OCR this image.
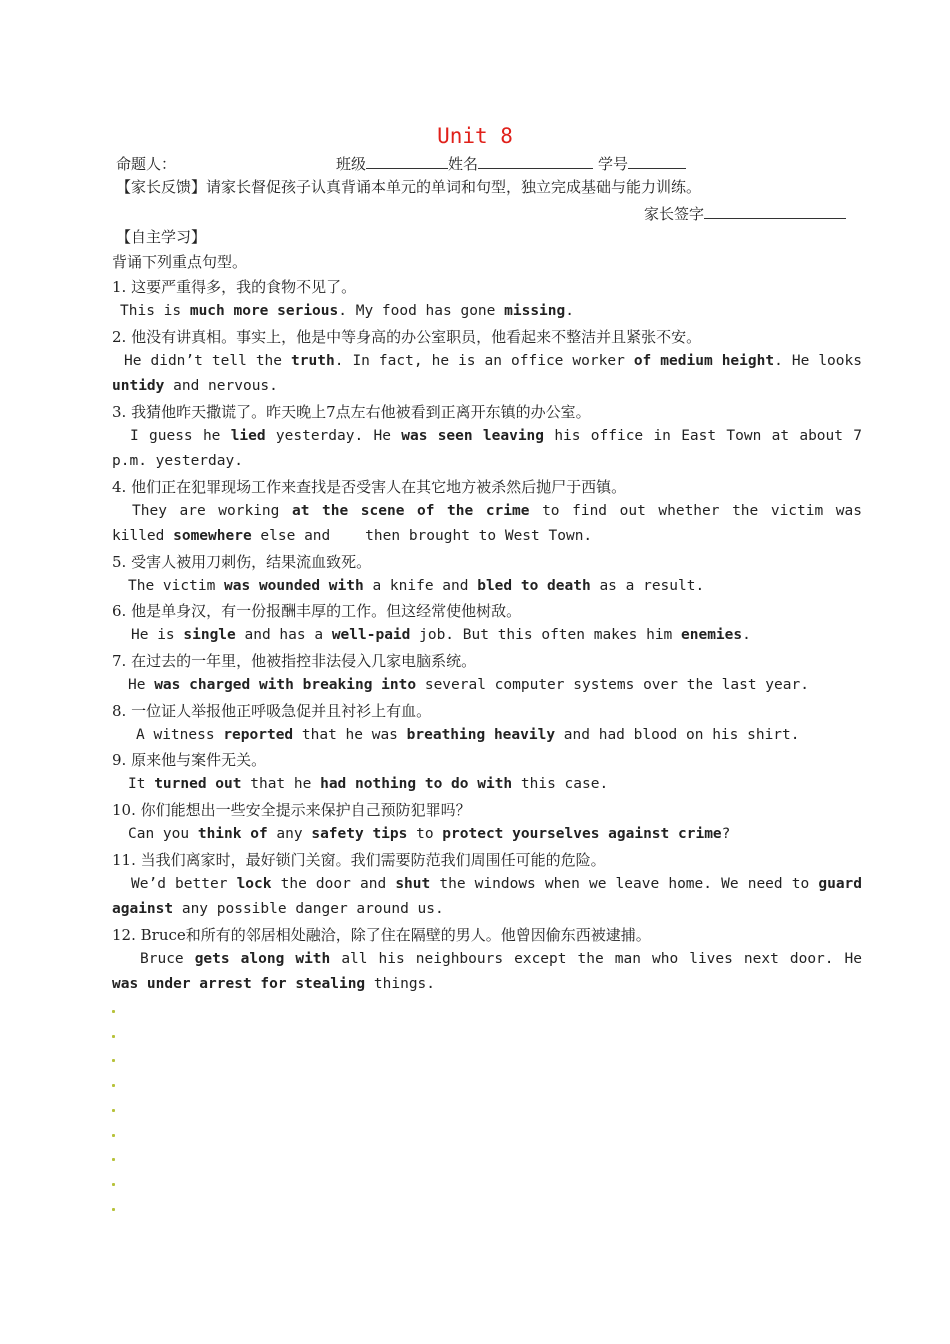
Unit 8
命题人：	班级	姓名	学号
【家长反馈】请家长督促孩子认真背诵本单元的单词和句型，独立完成基础与能力训练。
家长签字
【自主学习】
背诵下列重点句型。
1. 这要严重得多，我的食物不见了。
This is much more serious. My food has gone missing.
2. 他没有讲真相。事实上，他是中等身高的办公室职员，他看起来不整洁并且紧张不安。
He didn’t tell the truth. In fact, he is an office worker of medium height. He looks untidy and nervous.
3. 我猜他昨天撒谎了。昨天晚上7点左右他被看到正离开东镇的办公室。
I guess he lied yesterday. He was seen leaving his office in East Town at about 7 p.m. yesterday.
4. 他们正在犯罪现场工作来查找是否受害人在其它地方被杀然后抛尸于西镇。
They are working at the scene of the crime to find out whether the victim was killed somewhere else and    then brought to West Town.
5. 受害人被用刀刺伤，结果流血致死。
The victim was wounded with a knife and bled to death as a result.
6. 他是单身汉，有一份报酬丰厚的工作。但这经常使他树敌。
He is single and has a well-paid job. But this often makes him enemies.
7. 在过去的一年里，他被指控非法侵入几家电脑系统。
He was charged with breaking into several computer systems over the last year.
8. 一位证人举报他正呼吸急促并且衬衫上有血。
A witness reported that he was breathing heavily and had blood on his shirt.
9. 原来他与案件无关。
It turned out that he had nothing to do with this case.
10. 你们能想出一些安全提示来保护自己预防犯罪吗？
Can you think of any safety tips to protect yourselves against crime?
11. 当我们离家时，最好锁门关窗。我们需要防范我们周围任可能的危险。
We’d better lock the door and shut the windows when we leave home. We need to guard against any possible danger around us.
12. Bruce和所有的邻居相处融洽，除了住在隔壁的男人。他曾因偷东西被逮捕。
Bruce gets along with all his neighbours except the man who lives next door. He was under arrest for stealing things.
